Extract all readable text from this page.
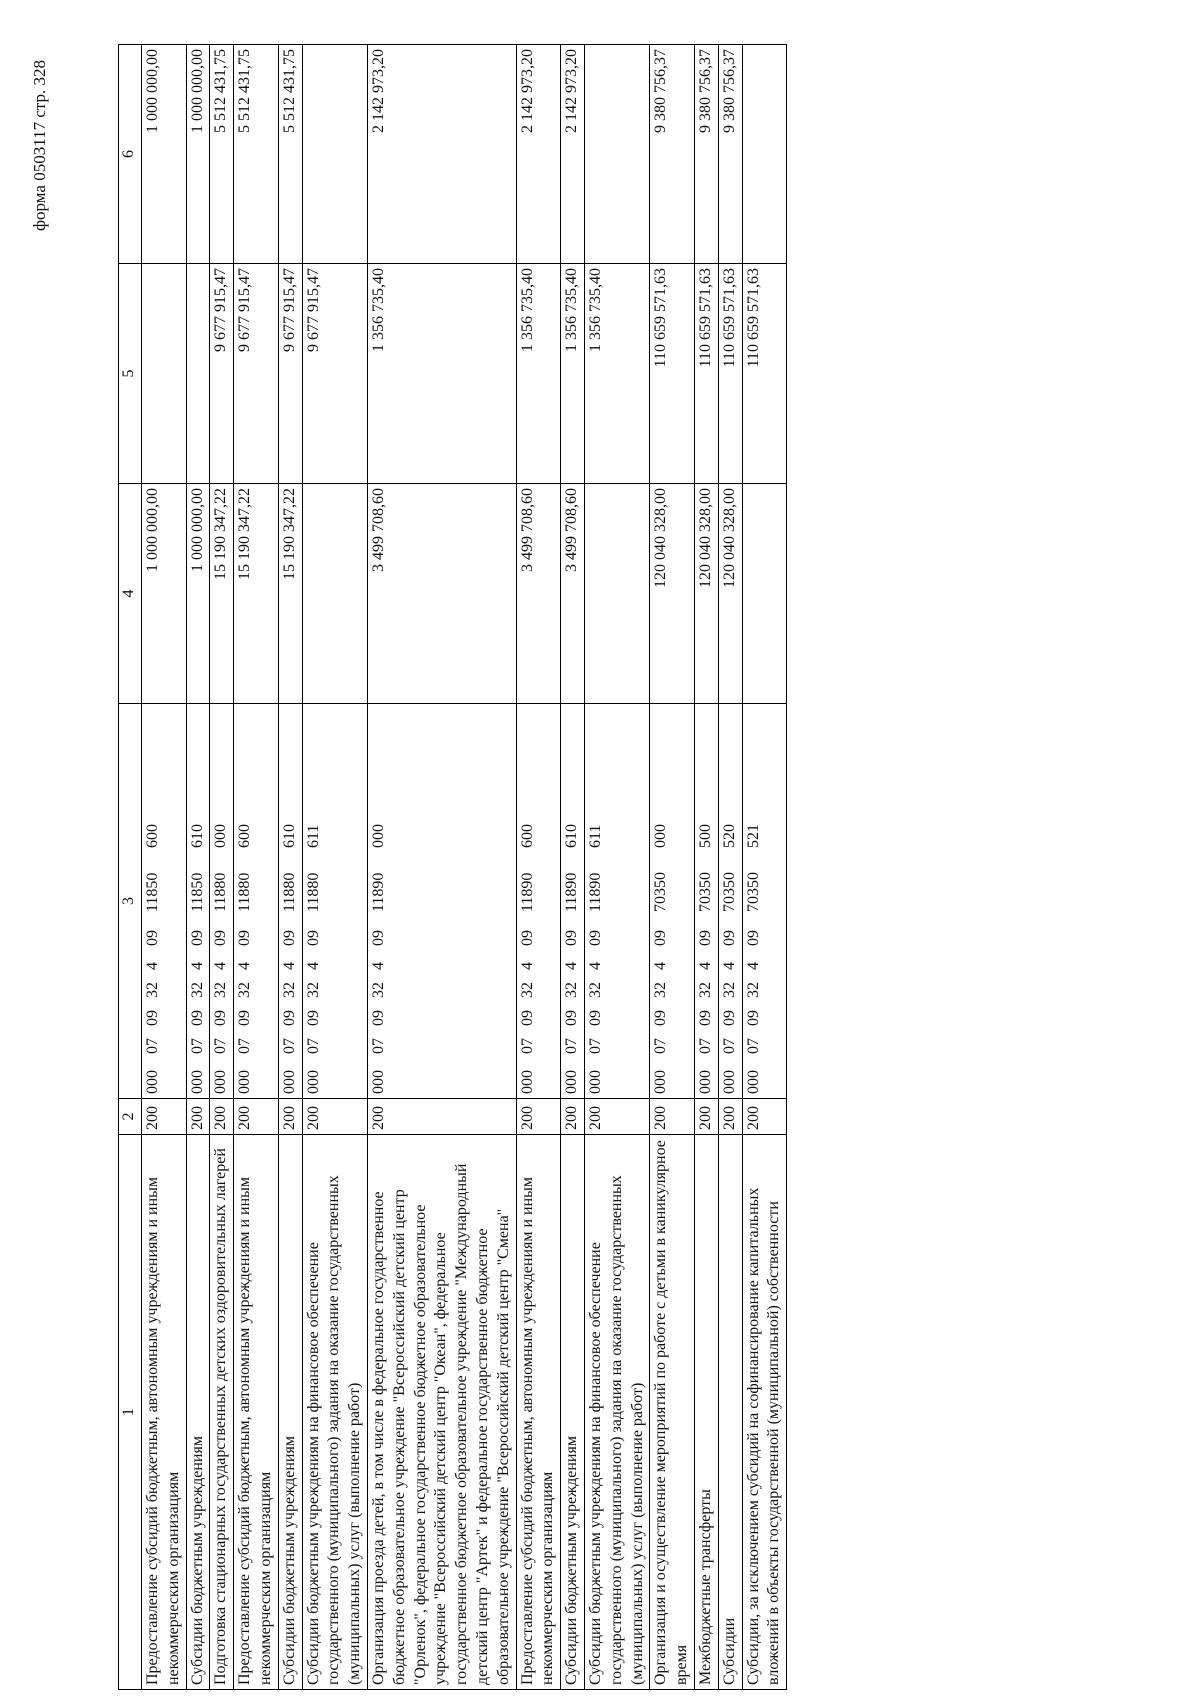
форма 0503117 стр. 328
1	2	3	4	5	6
Предоставление субсидий бюджетным, автономным учреждениям и иным некоммерческим организациям	200	00007093240911850600	1 000 000,00		1 000 000,00
Субсидии бюджетным учреждениям	200	00007093240911850610	1 000 000,00		1 000 000,00
Подготовка стационарных государственных детских оздоровительных лагерей	200	00007093240911880000	15 190 347,22	9 677 915,47	5 512 431,75
Предоставление субсидий бюджетным, автономным учреждениям и иным некоммерческим организациям	200	00007093240911880600	15 190 347,22	9 677 915,47	5 512 431,75
Субсидии бюджетным учреждениям	200	00007093240911880610	15 190 347,22	9 677 915,47	5 512 431,75
Субсидии бюджетным учреждениям на финансовое обеспечение государственного (муниципального) задания на оказание государственных (муниципальных) услуг (выполнение работ)	200	00007093240911880611		9 677 915,47	
Организация проезда детей, в том числе в федеральное государственное бюджетное образовательное учреждение "Всероссийский детский центр "Орленок", федеральное государственное бюджетное образовательное учреждение "Всероссийский детский центр "Океан", федеральное государственное бюджетное образовательное учреждение "Международный детский центр "Артек" и федеральное государственное бюджетное образовательное учреждение "Всероссийский детский центр "Смена"	200	00007093240911890000	3 499 708,60	1 356 735,40	2 142 973,20
Предоставление субсидий бюджетным, автономным учреждениям и иным некоммерческим организациям	200	00007093240911890600	3 499 708,60	1 356 735,40	2 142 973,20
Субсидии бюджетным учреждениям	200	00007093240911890610	3 499 708,60	1 356 735,40	2 142 973,20
Субсидии бюджетным учреждениям на финансовое обеспечение государственного (муниципального) задания на оказание государственных (муниципальных) услуг (выполнение работ)	200	00007093240911890611		1 356 735,40	
Организация и осуществление мероприятий по работе с детьми в каникулярное время	200	00007093240970350000	120 040 328,00	110 659 571,63	9 380 756,37
Межбюджетные трансферты	200	00007093240970350500	120 040 328,00	110 659 571,63	9 380 756,37
Субсидии	200	00007093240970350520	120 040 328,00	110 659 571,63	9 380 756,37
Субсидии, за исключением субсидий на софинансирование капитальных вложений в объекты государственной (муниципальной) собственности	200	00007093240970350521		110 659 571,63	
